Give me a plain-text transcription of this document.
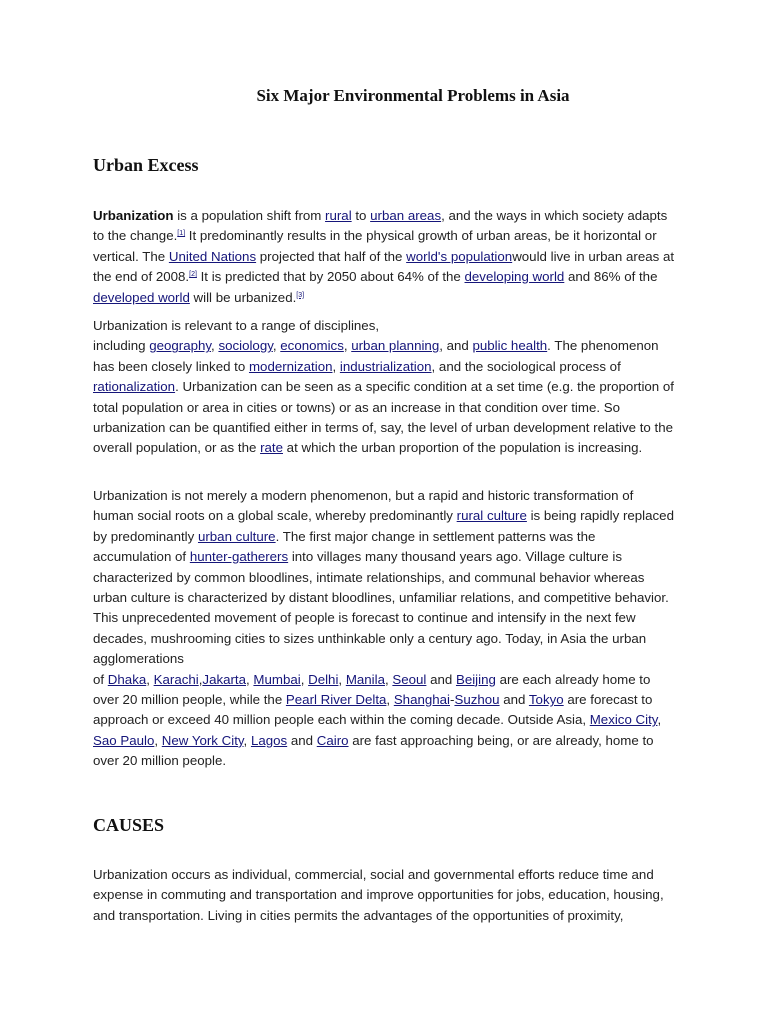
Six Major Environmental Problems in Asia
Urban Excess

Urbanization is a population shift from rural to urban areas, and the ways in which society adapts to the change.[1] It predominantly results in the physical growth of urban areas, be it horizontal or vertical. The United Nations projected that half of the world's populationwould live in urban areas at the end of 2008.[2] It is predicted that by 2050 about 64% of the developing world and 86% of the developed world will be urbanized.[3]

Urbanization is relevant to a range of disciplines,
including geography, sociology, economics, urban planning, and public health. The phenomenon has been closely linked to modernization, industrialization, and the sociological process of rationalization. Urbanization can be seen as a specific condition at a set time (e.g. the proportion of total population or area in cities or towns) or as an increase in that condition over time. So urbanization can be quantified either in terms of, say, the level of urban development relative to the overall population, or as the rate at which the urban proportion of the population is increasing.

Urbanization is not merely a modern phenomenon, but a rapid and historic transformation of human social roots on a global scale, whereby predominantly rural culture is being rapidly replaced by predominantly urban culture. The first major change in settlement patterns was the accumulation of hunter-gatherers into villages many thousand years ago. Village culture is characterized by common bloodlines, intimate relationships, and communal behavior whereas urban culture is characterized by distant bloodlines, unfamiliar relations, and competitive behavior. This unprecedented movement of people is forecast to continue and intensify in the next few decades, mushrooming cities to sizes unthinkable only a century ago. Today, in Asia the urban agglomerations
of Dhaka, Karachi,Jakarta, Mumbai, Delhi, Manila, Seoul and Beijing are each already home to over 20 million people, while the Pearl River Delta, Shanghai-Suzhou and Tokyo are forecast to approach or exceed 40 million people each within the coming decade. Outside Asia, Mexico City, Sao Paulo, New York City, Lagos and Cairo are fast approaching being, or are already, home to over 20 million people.

CAUSES

Urbanization occurs as individual, commercial, social and governmental efforts reduce time and expense in commuting and transportation and improve opportunities for jobs, education, housing, and transportation. Living in cities permits the advantages of the opportunities of proximity,
